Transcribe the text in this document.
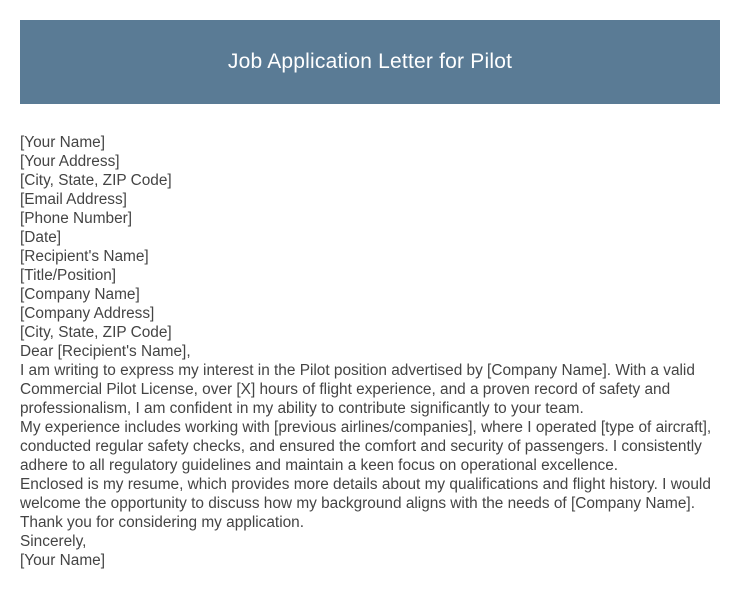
Job Application Letter for Pilot
[Your Name]
[Your Address]
[City, State, ZIP Code]
[Email Address]
[Phone Number]
[Date]
[Recipient's Name]
[Title/Position]
[Company Name]
[Company Address]
[City, State, ZIP Code]
Dear [Recipient's Name],
I am writing to express my interest in the Pilot position advertised by [Company Name]. With a valid Commercial Pilot License, over [X] hours of flight experience, and a proven record of safety and professionalism, I am confident in my ability to contribute significantly to your team.
My experience includes working with [previous airlines/companies], where I operated [type of aircraft], conducted regular safety checks, and ensured the comfort and security of passengers. I consistently adhere to all regulatory guidelines and maintain a keen focus on operational excellence.
Enclosed is my resume, which provides more details about my qualifications and flight history. I would welcome the opportunity to discuss how my background aligns with the needs of [Company Name]. Thank you for considering my application.
Sincerely,
[Your Name]
